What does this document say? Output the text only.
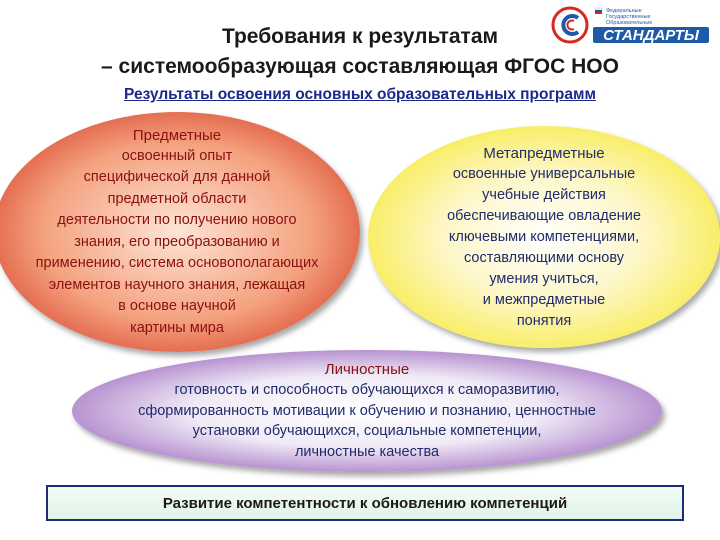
Требования к результатам
– системообразующая составляющая ФГОС НОО
СТАНДАРТЫ
Федеральные
Государственные
Образовательные
Результаты освоения основных образовательных программ
Предметные
освоенный опыт
специфической для данной
предметной области
деятельности по получению нового
знания, его преобразованию и
применению, система основополагающих
элементов научного знания, лежащая
в основе научной
картины мира
Метапредметные
освоенные универсальные
учебные действия
обеспечивающие овладение
ключевыми компетенциями,
составляющими основу
умения учиться,
и межпредметные
понятия
Личностные
готовность и способность обучающихся к саморазвитию,
сформированность мотивации к обучению и познанию, ценностные
установки обучающихся, социальные компетенции,
личностные качества
Развитие компетентности к обновлению компетенций
